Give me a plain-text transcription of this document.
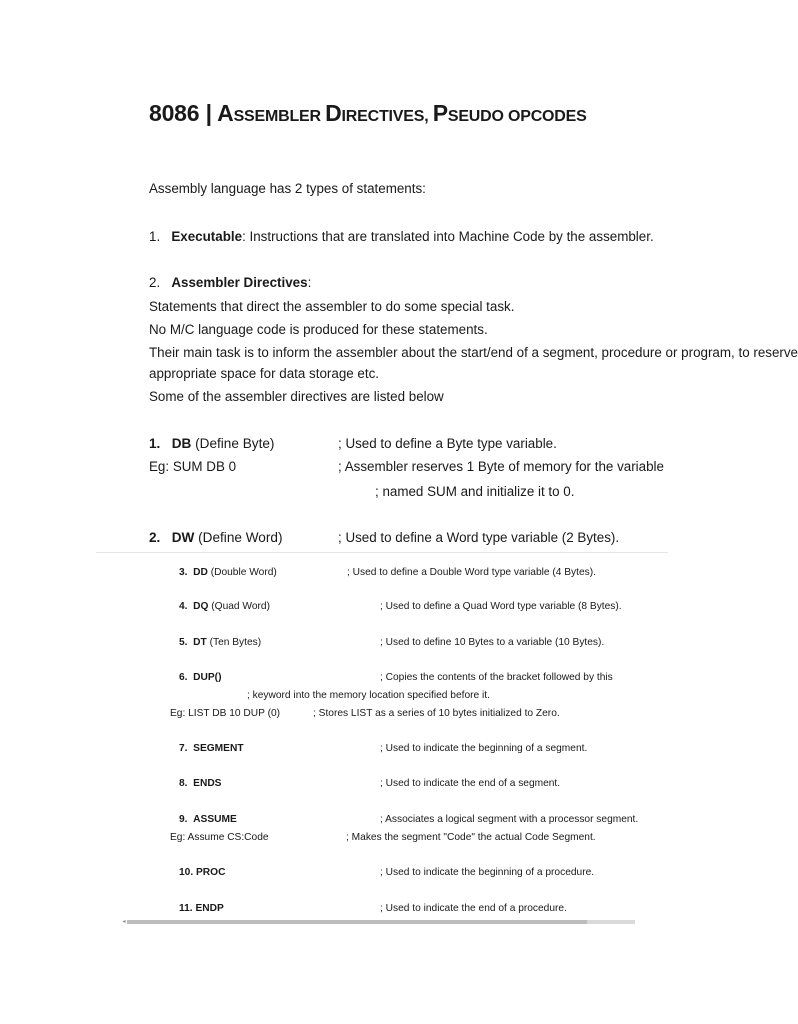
8086 | ASSEMBLER DIRECTIVES, PSEUDO OPCODES
Assembly language has 2 types of statements:
1. Executable: Instructions that are translated into Machine Code by the assembler.
2. Assembler Directives:
Statements that direct the assembler to do some special task.
No M/C language code is produced for these statements.
Their main task is to inform the assembler about the start/end of a segment, procedure or program, to reserve
appropriate space for data storage etc.
Some of the assembler directives are listed below
1. DB (Define Byte)	; Used to define a Byte type variable.
Eg: SUM DB 0	; Assembler reserves 1 Byte of memory for the variable
; named SUM and initialize it to 0.
2. DW (Define Word)	; Used to define a Word type variable (2 Bytes).
3. DD (Double Word)	; Used to define a Double Word type variable (4 Bytes).
4. DQ (Quad Word)	; Used to define a Quad Word type variable (8 Bytes).
5. DT (Ten Bytes)	; Used to define 10 Bytes to a variable (10 Bytes).
6. DUP()	; Copies the contents of the bracket followed by this
; keyword into the memory location specified before it.
Eg: LIST DB 10 DUP (0)	; Stores LIST as a series of 10 bytes initialized to Zero.
7. SEGMENT	; Used to indicate the beginning of a segment.
8. ENDS	; Used to indicate the end of a segment.
9. ASSUME	; Associates a logical segment with a processor segment.
Eg: Assume CS:Code	; Makes the segment "Code" the actual Code Segment.
10. PROC	; Used to indicate the beginning of a procedure.
11. ENDP	; Used to indicate the end of a procedure.
◂
